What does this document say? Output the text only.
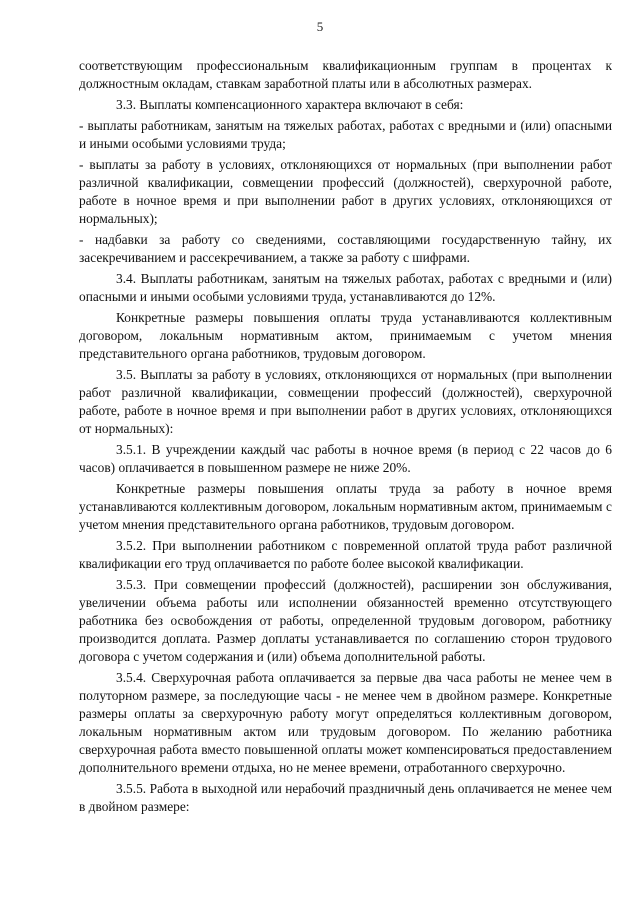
5

соответствующим профессиональным квалификационным группам в процентах к должностным окладам, ставкам заработной платы или в абсолютных размерах.

3.3. Выплаты компенсационного характера включают в себя:

- выплаты работникам, занятым на тяжелых работах, работах с вредными и (или) опасными и иными особыми условиями труда;

- выплаты за работу в условиях, отклоняющихся от нормальных (при выполнении работ различной квалификации, совмещении профессий (должностей), сверхурочной работе, работе в ночное время и при выполнении работ в других условиях, отклоняющихся от нормальных);

- надбавки за работу со сведениями, составляющими государственную тайну, их засекречиванием и рассекречиванием, а также за работу с шифрами.

3.4. Выплаты работникам, занятым на тяжелых работах, работах с вредными и (или) опасными и иными особыми условиями труда, устанавливаются до 12%.

Конкретные размеры повышения оплаты труда устанавливаются коллективным договором, локальным нормативным актом, принимаемым с учетом мнения представительного органа работников, трудовым договором.

3.5. Выплаты за работу в условиях, отклоняющихся от нормальных (при выполнении работ различной квалификации, совмещении профессий (должностей), сверхурочной работе, работе в ночное время и при выполнении работ в других условиях, отклоняющихся от нормальных):

3.5.1. В учреждении каждый час работы в ночное время (в период с 22 часов до 6 часов) оплачивается в повышенном размере не ниже 20%.

Конкретные размеры повышения оплаты труда за работу в ночное время устанавливаются коллективным договором, локальным нормативным актом, принимаемым с учетом мнения представительного органа работников, трудовым договором.

3.5.2. При выполнении работником с повременной оплатой труда работ различной квалификации его труд оплачивается по работе более высокой квалификации.

3.5.3. При совмещении профессий (должностей), расширении зон обслуживания, увеличении объема работы или исполнении обязанностей временно отсутствующего работника без освобождения от работы, определенной трудовым договором, работнику производится доплата. Размер доплаты устанавливается по соглашению сторон трудового договора с учетом содержания и (или) объема дополнительной работы.

3.5.4. Сверхурочная работа оплачивается за первые два часа работы не менее чем в полуторном размере, за последующие часы - не менее чем в двойном размере. Конкретные размеры оплаты за сверхурочную работу могут определяться коллективным договором, локальным нормативным актом или трудовым договором. По желанию работника сверхурочная работа вместо повышенной оплаты может компенсироваться предоставлением дополнительного времени отдыха, но не менее времени, отработанного сверхурочно.

3.5.5. Работа в выходной или нерабочий праздничный день оплачивается не менее чем в двойном размере:
